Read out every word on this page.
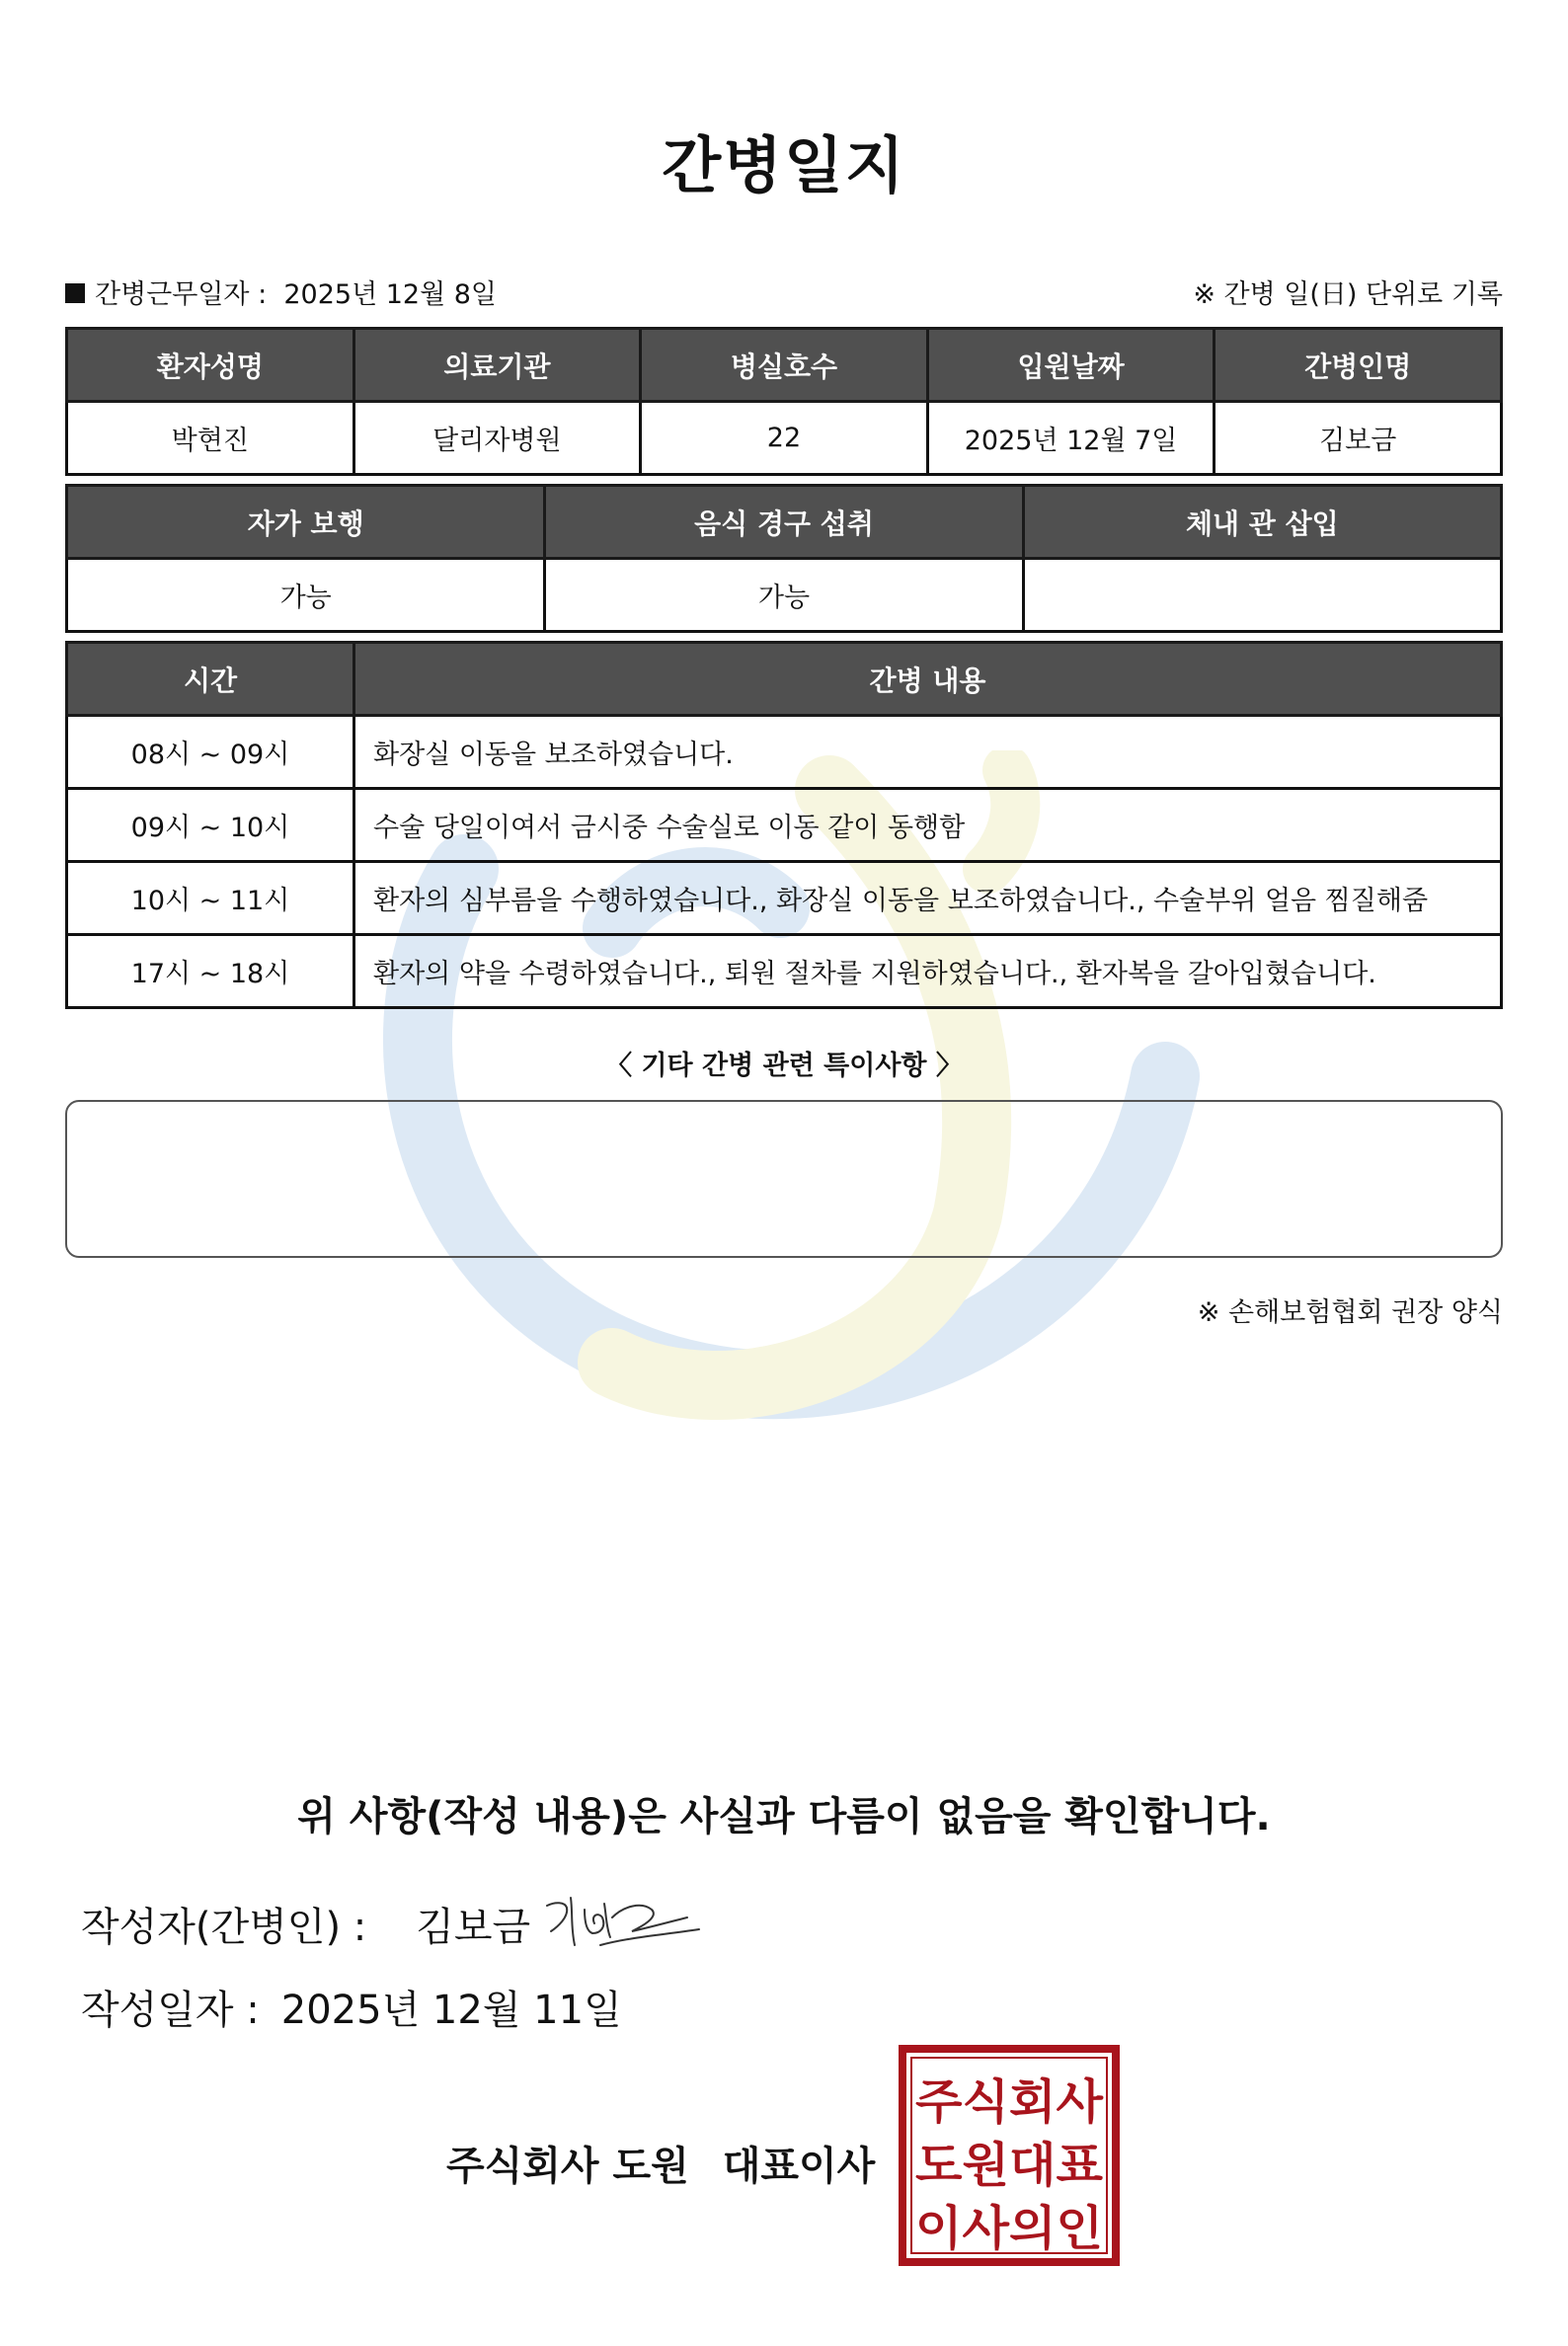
간병일지
간병근무일자 :  2025년 12월 8일	※ 간병 일(日) 단위로 기록
환자성명	의료기관	병실호수	입원날짜	간병인명
박현진	달리자병원	22	2025년 12월 7일	김보금
자가 보행	음식 경구 섭취	체내 관 삽입
가능	가능	
시간	간병 내용
08시 ~ 09시	화장실 이동을 보조하였습니다.
09시 ~ 10시	수술 당일이여서 금시중 수술실로 이동 같이 동행함
10시 ~ 11시	환자의 심부름을 수행하였습니다., 화장실 이동을 보조하였습니다., 수술부위 얼음 찜질해줌
17시 ~ 18시	환자의 약을 수령하였습니다., 퇴원 절차를 지원하였습니다., 환자복을 갈아입혔습니다.
〈 기타 간병 관련 특이사항 〉
※ 손해보험협회 권장 양식
위 사항(작성 내용)은 사실과 다름이 없음을 확인합니다.
작성자(간병인) : 김보금
작성일자 : 2025년 12월 11일
주식회사 도원 대표이사
주식회사
도원대표
이사의인
